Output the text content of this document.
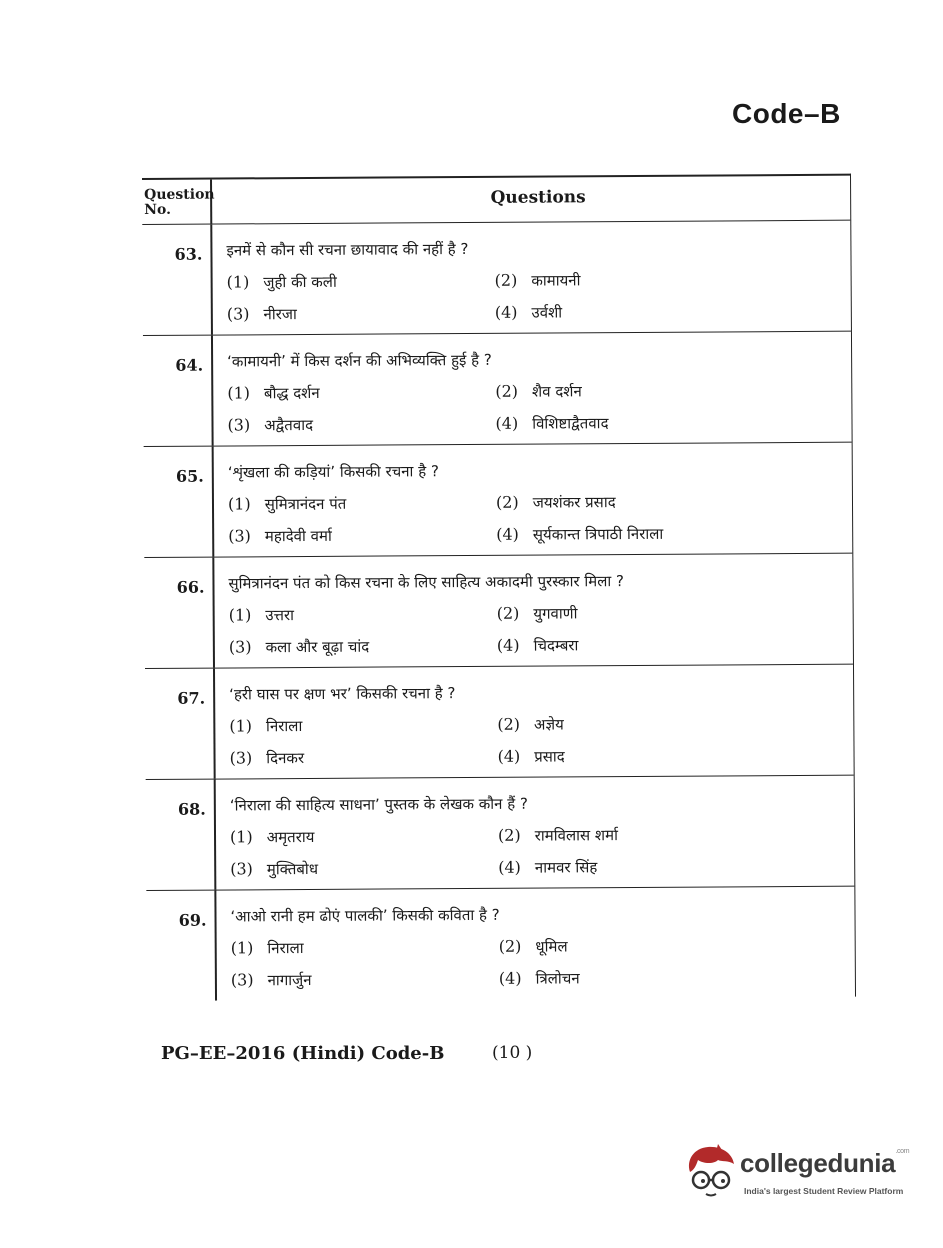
Code–B
Question No.
Questions
63.	इनमें से कौन सी रचना छायावाद की नहीं है ?
(1) जुही की कली	(2) कामायनी
(3) नीरजा	(4) उर्वशी
64.	‘कामायनी’ में किस दर्शन की अभिव्यक्ति हुई है ?
(1) बौद्ध दर्शन	(2) शैव दर्शन
(3) अद्वैतवाद	(4) विशिष्टाद्वैतवाद
65.	‘शृंखला की कड़ियां’ किसकी रचना है ?
(1) सुमित्रानंदन पंत	(2) जयशंकर प्रसाद
(3) महादेवी वर्मा	(4) सूर्यकान्त त्रिपाठी निराला
66.	सुमित्रानंदन पंत को किस रचना के लिए साहित्य अकादमी पुरस्कार मिला ?
(1) उत्तरा	(2) युगवाणी
(3) कला और बूढ़ा चांद	(4) चिदम्बरा
67.	‘हरी घास पर क्षण भर’ किसकी रचना है ?
(1) निराला	(2) अज्ञेय
(3) दिनकर	(4) प्रसाद
68.	‘निराला की साहित्य साधना’ पुस्तक के लेखक कौन हैं ?
(1) अमृतराय	(2) रामविलास शर्मा
(3) मुक्तिबोध	(4) नामवर सिंह
69.	‘आओ रानी हम ढोएं पालकी’ किसकी कविता है ?
(1) निराला	(2) धूमिल
(3) नागार्जुन	(4) त्रिलोचन
PG–EE–2016 (Hindi) Code-B	(10 )
collegedunia$^{.com}$
India's largest Student Review Platform
